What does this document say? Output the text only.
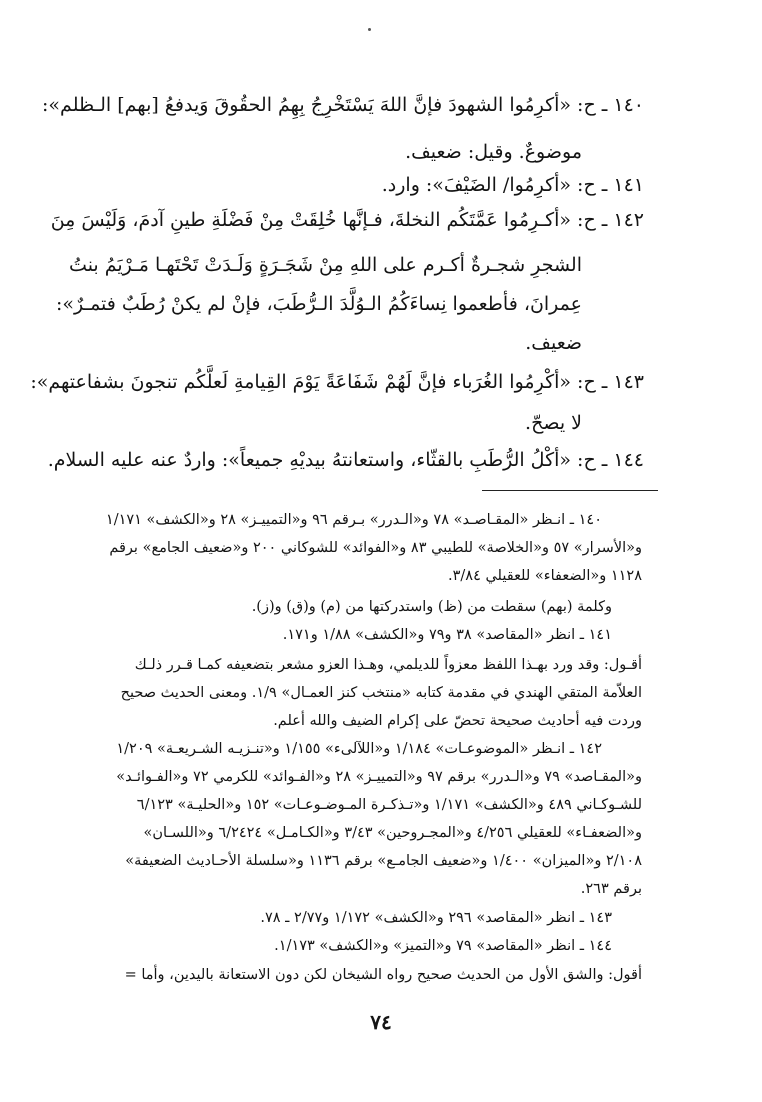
١٤٠ ـ ح: «أكرِمُوا الشهودَ فإنَّ اللهَ يَسْتَخْرِجُ بِهِمُ الحقُوقَ وَيدفعُ [بهم] الـظلم»:
موضوعٌ. وقيل: ضعيف.
١٤١ ـ ح: «أكرِمُوا/ الضَيْفَ»: وارد.
١٤٢ ـ ح: «أكـرِمُوا عَمَّتَكُم النخلةَ، فـإنَّها خُلِقَتْ مِنْ فَضْلَةِ طينِ آدمَ، وَلَيْسَ مِنَ
الشجرِ شجـرةٌ أكـرم على اللهِ مِنْ شَجَـرَةٍ وَلَـدَتْ تَحْتَهـا مَـرْيَمُ بنتُ
عِمرانَ، فأطعموا نِساءَكُمُ الـوُلَّدَ الـرُّطَبَ، فإنْ لم يكنْ رُطَبٌ فتمـرٌ»:
ضعيف.
١٤٣ ـ ح: «أكْرِمُوا الغُرَباء فإنَّ لَهُمْ شَفَاعَةً يَوْمَ القِيامةِ لَعلَّكُم تنجونَ بشفاعتهم»:
لا يصحّ.
١٤٤ ـ ح: «أكْلُ الرُّطَبِ بالقثّاء، واستعانتهُ بيديْهِ جميعاً»: واردٌ عنه عليه السلام.
١٤٠ ـ انـظر «المقـاصـد» ٧٨ و«الـدرر» بـرقم ٩٦ و«التمييـز» ٢٨ و«الكشف» ١/١٧١
و«الأسرار» ٥٧ و«الخلاصة» للطيبي ٨٣ و«الفوائد» للشوكاني ٢٠٠ و«ضعيف الجامع» برقم
١١٢٨ و«الضعفاء» للعقيلي ٣/٨٤.
وكلمة (بهم) سقطت من (ظ) واستدركتها من (م) و(ق) و(ز).
١٤١ ـ انظر «المقاصد» ٣٨ و٧٩ و«الكشف» ١/٨٨ و١٧١.
أقـول: وقد ورد بهـذا اللفظ معزواً للديلمي، وهـذا العزو مشعر بتضعيفه كمـا قـرر ذلـك
العلاّمة المتقي الهندي في مقدمة كتابه «منتخب كنز العمـال» ١/٩. ومعنى الحديث صحيح
وردت فيه أحاديث صحيحة تحضّ على إكرام الضيف والله أعلم.
١٤٢ ـ انـظر «الموضوعـات» ١/١٨٤ و«اللآلىء» ١/١٥٥ و«تنـزيـه الشـريعـة» ١/٢٠٩
و«المقـاصد» ٧٩ و«الـدرر» برقم ٩٧ و«التمييـز» ٢٨ و«الفـوائد» للكرمي ٧٢ و«الفـوائـد»
للشـوكـاني ٤٨٩ و«الكشف» ١/١٧١ و«تـذكـرة المـوضـوعـات» ١٥٢ و«الحليـة» ٦/١٢٣
و«الضعفـاء» للعقيلي ٤/٢٥٦ و«المجـروحين» ٣/٤٣ و«الكـامـل» ٦/٢٤٢٤ و«اللسـان»
٢/١٠٨ و«الميزان» ١/٤٠٠ و«ضعيف الجامـع» برقم ١١٣٦ و«سلسلة الأحـاديث الضعيفة»
برقم ٢٦٣.
١٤٣ ـ انظر «المقاصد» ٢٩٦ و«الكشف» ١/١٧٢ و٢/٧٧ ـ ٧٨.
١٤٤ ـ انظر «المقاصد» ٧٩ و«التميز» و«الكشف» ١/١٧٣.
أقول: والشق الأول من الحديث صحيح رواه الشيخان لكن دون الاستعانة باليدين، وأما =
٧٤
